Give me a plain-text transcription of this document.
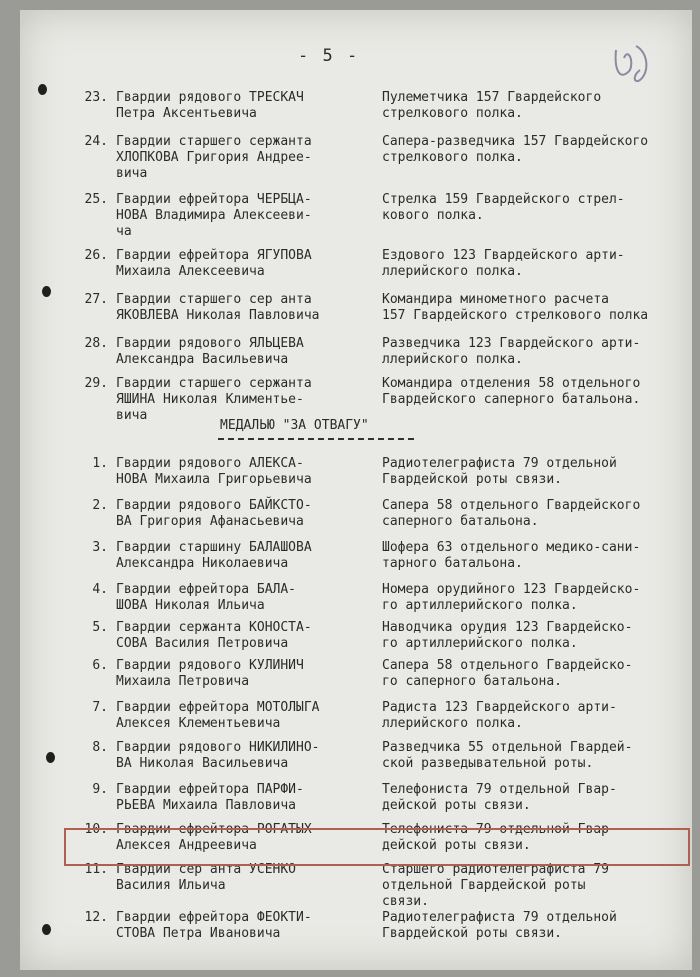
- 5 -
23. Гвардии рядового ТРЕСКАЧ
Петра Аксентьевича
Пулеметчика 157 Гвардейского
стрелкового полка.
24. Гвардии старшего сержанта
ХЛОПКОВА Григория Андрее-
вича
Сапера-разведчика 157 Гвардейского
стрелкового полка.
25. Гвардии ефрейтора ЧЕРБЦА-
НОВА Владимира Алексееви-
ча
Стрелка 159 Гвардейского стрел-
кового полка.
26. Гвардии ефрейтора ЯГУПОВА
Михаила Алексеевича
Ездового 123 Гвардейского арти-
ллерийского полка.
27. Гвардии старшего сер анта
ЯКОВЛЕВА Николая Павловича
Командира минометного расчета
157 Гвардейского стрелкового полка
28. Гвардии рядового ЯЛЬЦЕВА
Александра Васильевича
Разведчика 123 Гвардейского арти-
ллерийского полка.
29. Гвардии старшего сержанта
ЯШИНА Николая Климентье-
вича
Командира отделения 58 отдельного
Гвардейского саперного батальона.
МЕДАЛЬЮ "ЗА ОТВАГУ"
1. Гвардии рядового АЛЕКСА-
НОВА Михаила Григорьевича
Радиотелеграфиста 79 отдельной
Гвардейской роты связи.
2. Гвардии рядового БАЙКСТО-
ВА Григория Афанасьевича
Сапера 58 отдельного Гвардейского
саперного батальона.
3. Гвардии старшину БАЛАШОВА
Александра Николаевича
Шофера 63 отдельного медико-сани-
тарного батальона.
4. Гвардии ефрейтора БАЛА-
ШОВА Николая Ильича
Номера орудийного 123 Гвардейско-
го артиллерийского полка.
5. Гвардии сержанта КОНОСТА-
СОВА Василия Петровича
Наводчика орудия 123 Гвардейско-
го артиллерийского полка.
6. Гвардии рядового КУЛИНИЧ
Михаила Петровича
Сапера 58 отдельного Гвардейско-
го саперного батальона.
7. Гвардии ефрейтора МОТОЛЫГА
Алексея Клементьевича
Радиста 123 Гвардейского арти-
ллерийского полка.
8. Гвардии рядового НИКИЛИНО-
ВА Николая Васильевича
Разведчика 55 отдельной Гвардей-
ской разведывательной роты.
9. Гвардии ефрейтора ПАРФИ-
РЬЕВА Михаила Павловича
Телефониста 79 отдельной Гвар-
дейской роты связи.
10. Гвардии ефрейтора РОГАТЫХ
Алексея Андреевича
Телефониста 79 отдельной Гвар-
дейской роты связи.
11. Гвардии сер анта УСЕНКО
Василия Ильича
Старшего радиотелеграфиста 79
отдельной Гвардейской роты
связи.
12. Гвардии ефрейтора ФЕОКТИ-
СТОВА Петра Ивановича
Радиотелеграфиста 79 отдельной
Гвардейской роты связи.
